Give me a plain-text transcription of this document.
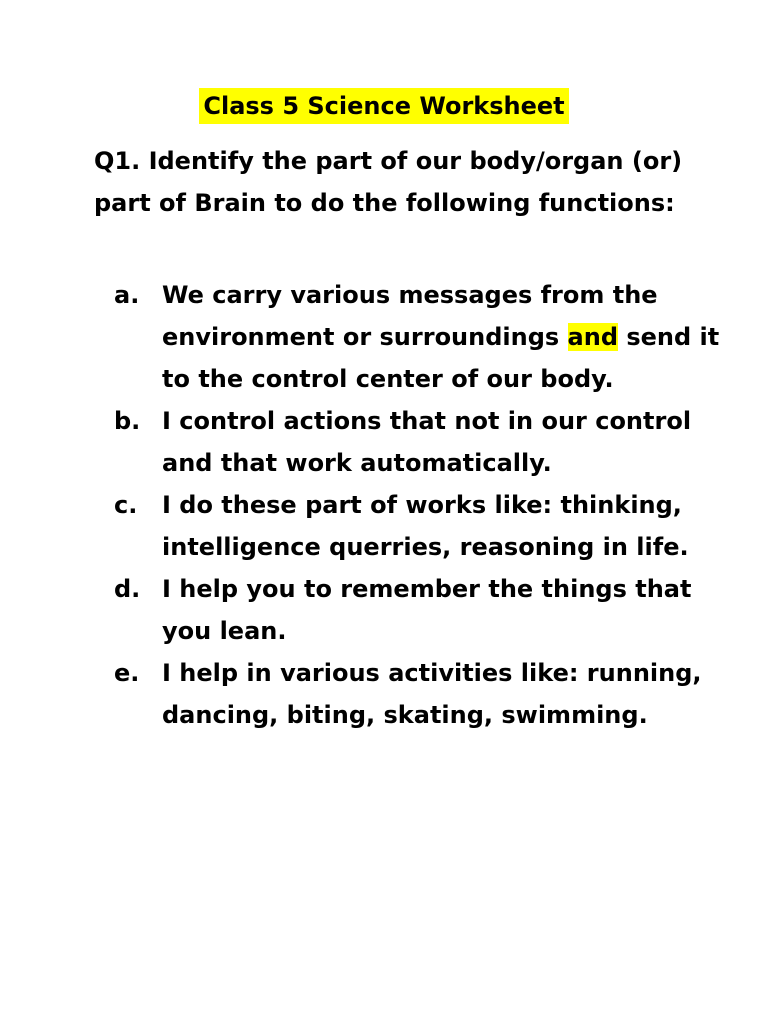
Class 5 Science Worksheet
Q1. Identify the part of our body/organ (or) part of Brain to do the following functions:
a. We carry various messages from the environment or surroundings and send it to the control center of our body.
b. I control actions that not in our control and that work automatically.
c. I do these part of works like: thinking, intelligence querries, reasoning in life.
d. I help you to remember the things that you lean.
e. I help in various activities like: running, dancing, biting, skating, swimming.
